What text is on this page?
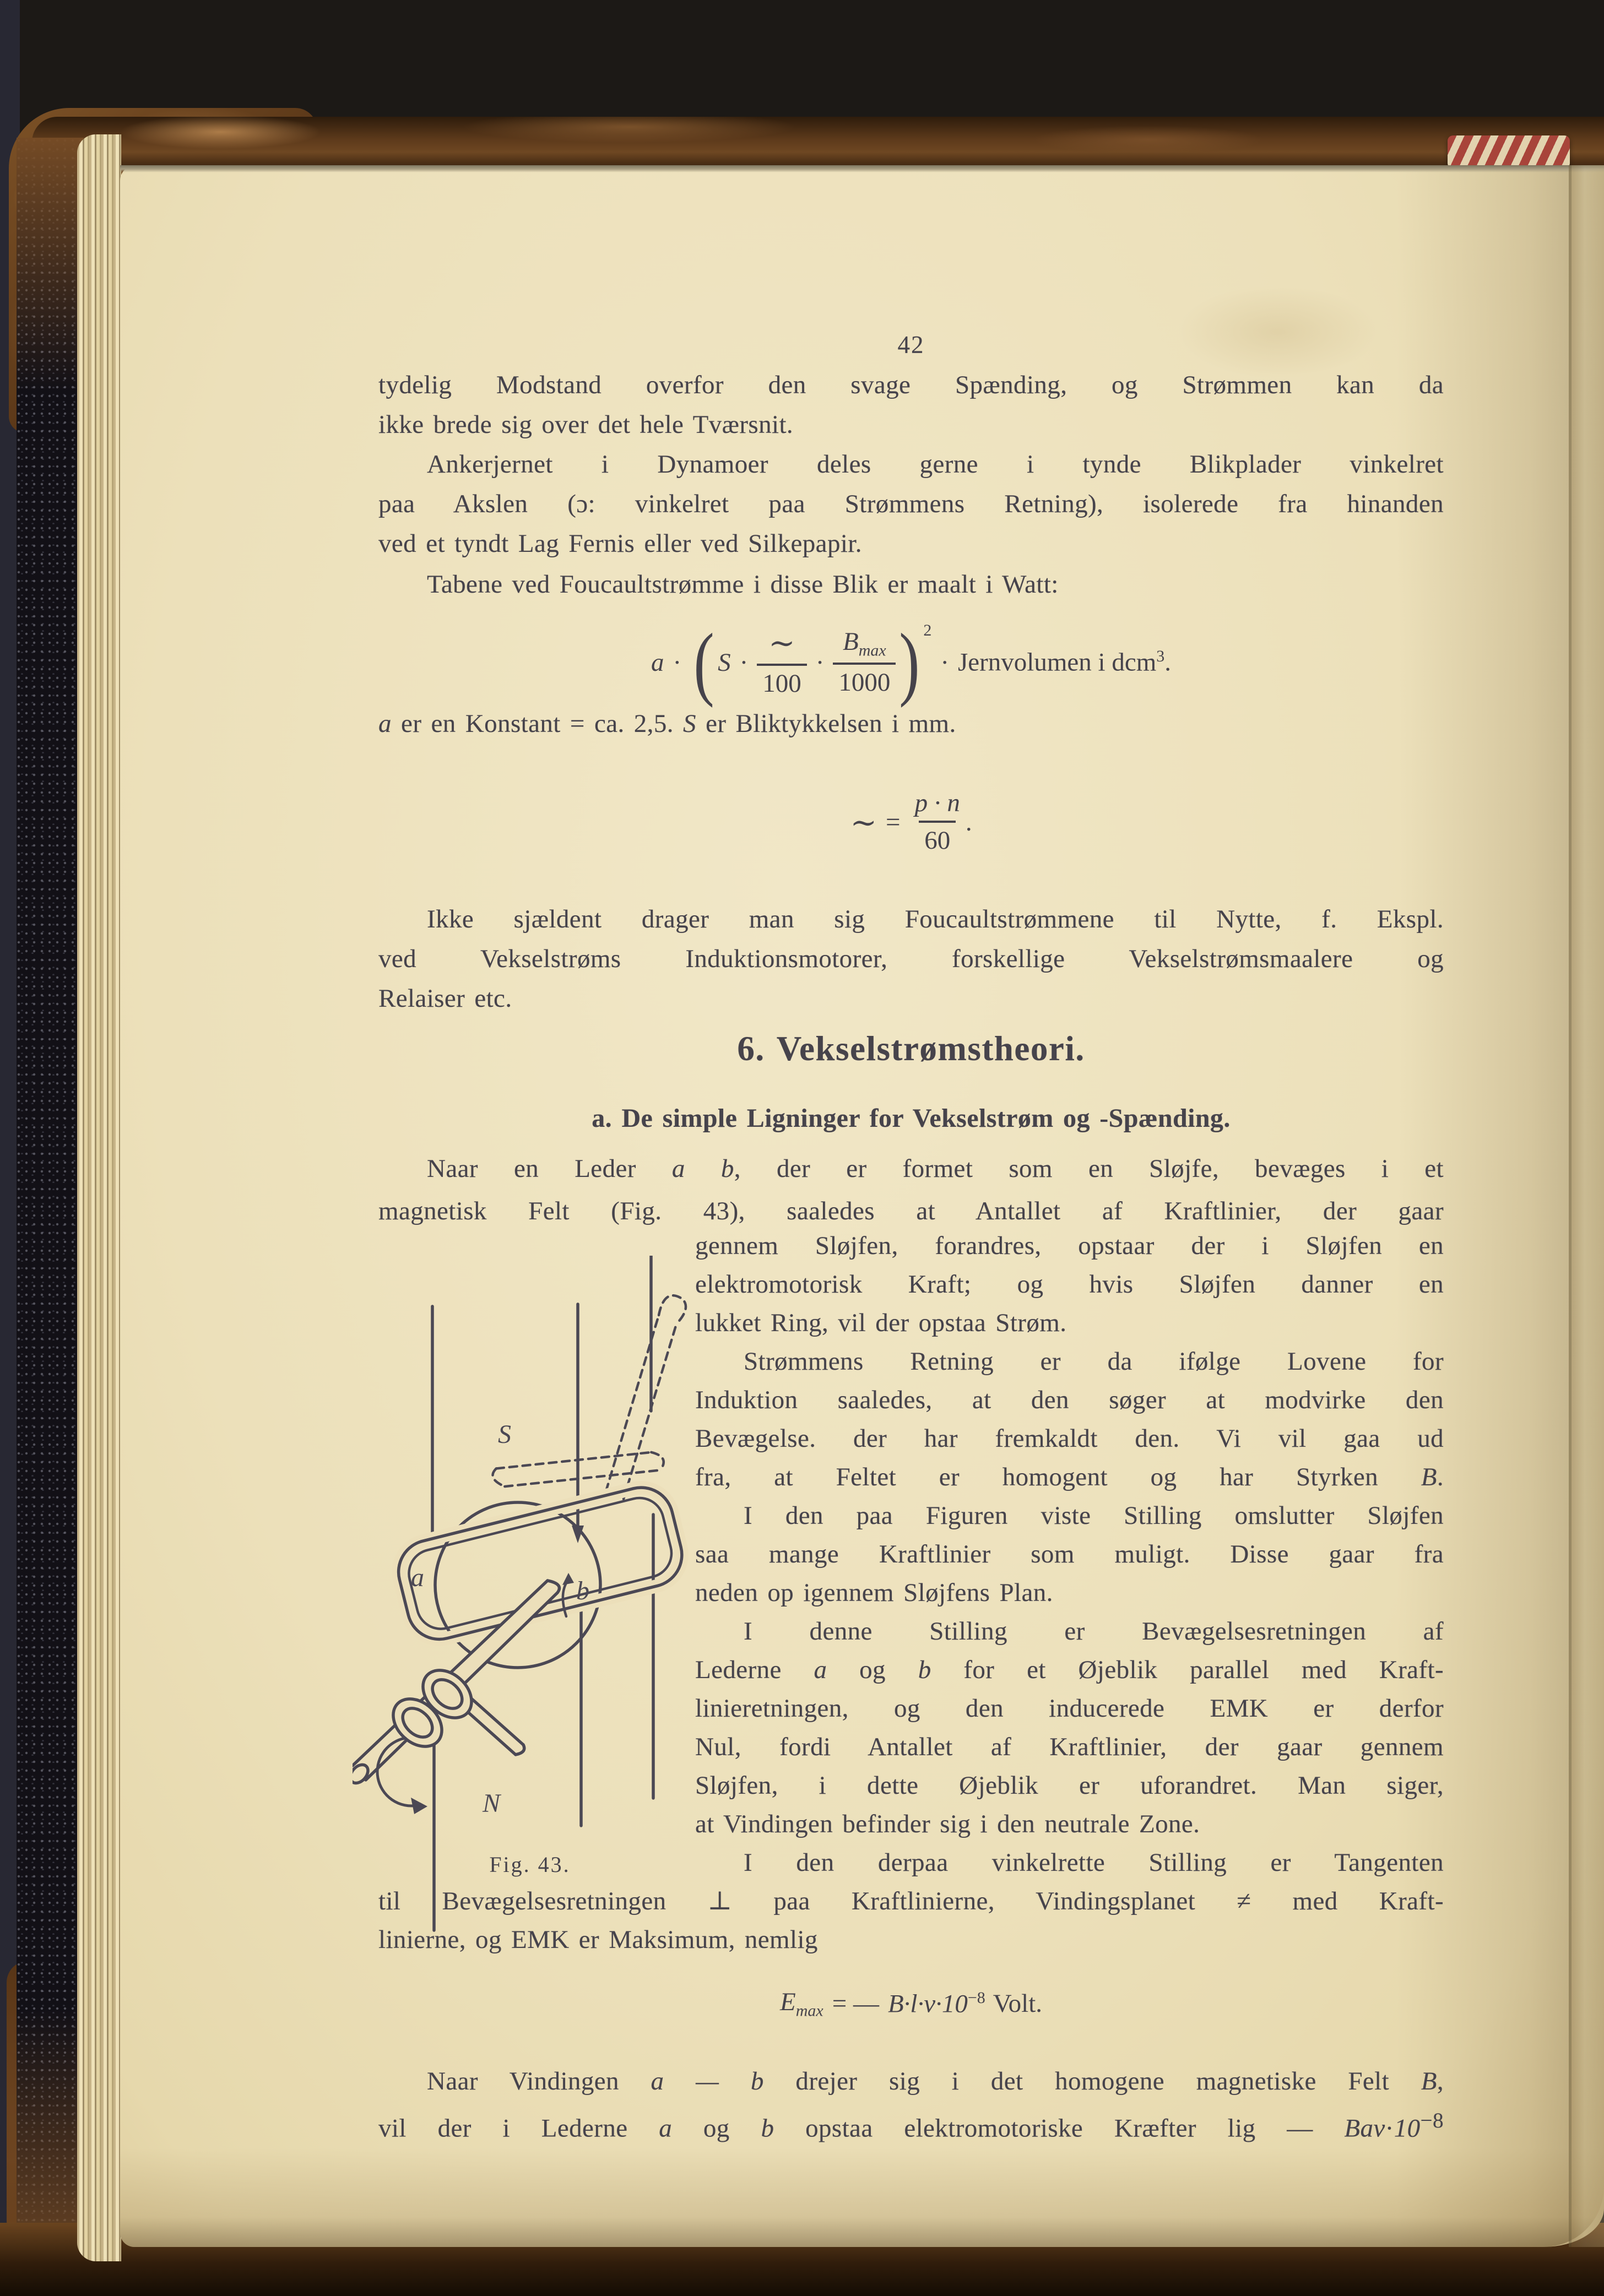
42
tydelig Modstand overfor den svage Spænding, og Strømmen kan da
ikke brede sig over det hele Tværsnit.
Ankerjernet i Dynamoer deles gerne i tynde Blikplader vinkelret
paa Akslen (ɔ: vinkelret paa Strømmens Retning), isolerede fra hinanden
ved et tyndt Lag Fernis eller ved Silkepapir.
Tabene ved Foucaultstrømme i disse Blik er maalt i Watt:
a · ( $S \cdot \frac{\sim}{100} \cdot \frac{B_{max}}{1000} )^2$
· Jernvolumen i dcm$^3$.
a er en Konstant = ca. 2,5. S er Bliktykkelsen i mm.
∼ = $\frac{p \cdot n}{60}$ .
Ikke sjældent drager man sig Foucaultstrømmene til Nytte, f. Ekspl.
ved Vekselstrøms Induktionsmotorer, forskellige Vekselstrømsmaalere og
Relaiser etc.
6. Vekselstrømstheori.
a. De simple Ligninger for Vekselstrøm og -Spænding.
Naar en Leder a b, der er formet som en Sløjfe, bevæges i et
magnetisk Felt (Fig. 43), saaledes at Antallet af Kraftlinier, der gaar
S
a	b
N
Fig. 43.
gennem Sløjfen, forandres, opstaar der i Sløjfen en
elektromotorisk Kraft; og hvis Sløjfen danner en
lukket Ring, vil der opstaa Strøm.
Strømmens Retning er da ifølge Lovene for
Induktion saaledes, at den søger at modvirke den
Bevægelse. der har fremkaldt den. Vi vil gaa ud
fra, at Feltet er homogent og har Styrken B.
I den paa Figuren viste Stilling omslutter Sløjfen
saa mange Kraftlinier som muligt. Disse gaar fra
neden op igennem Sløjfens Plan.
I denne Stilling er Bevægelsesretningen af
Lederne a og b for et Øjeblik parallel med Kraft-
linieretningen, og den inducerede EMK er derfor
Nul, fordi Antallet af Kraftlinier, der gaar gennem
Sløjfen, i dette Øjeblik er uforandret. Man siger,
at Vindingen befinder sig i den neutrale Zone.
I den derpaa vinkelrette Stilling er Tangenten
til Bevægelsesretningen ⊥ paa Kraftlinierne, Vindingsplanet ≠ med Kraft-
linierne, og EMK er Maksimum, nemlig
$E_{max}$ = — $B\cdot l\cdot v\cdot 10^{-8}$ Volt.
Naar Vindingen a — b drejer sig i det homogene magnetiske Felt B,
vil der i Lederne a og b opstaa elektromotoriske Kræfter lig — $Bav\cdot 10^{-8}$
